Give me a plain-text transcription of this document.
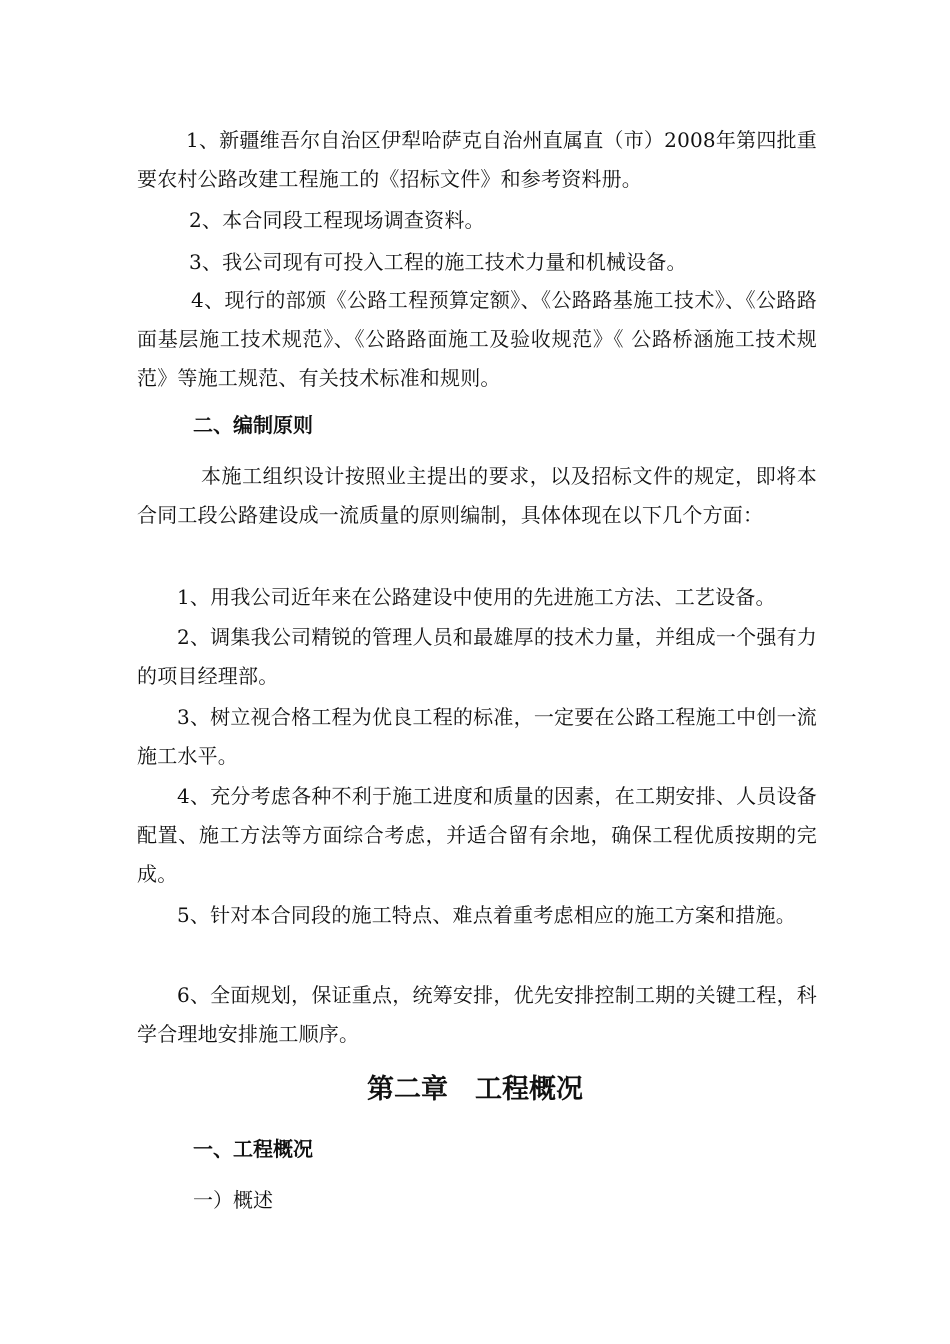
1、新疆维吾尔自治区伊犁哈萨克自治州直属直（市）2008年第四批重要农村公路改建工程施工的《招标文件》和参考资料册。

2、本合同段工程现场调查资料。

3、我公司现有可投入工程的施工技术力量和机械设备。

4、现行的部颁《公路工程预算定额》、《公路路基施工技术》、《公路路面基层施工技术规范》、《公路路面施工及验收规范》《 公路桥涵施工技术规范》等施工规范、有关技术标准和规则。

二、编制原则

本施工组织设计按照业主提出的要求，以及招标文件的规定，即将本合同工段公路建设成一流质量的原则编制，具体体现在以下几个方面：

1、用我公司近年来在公路建设中使用的先进施工方法、工艺设备。

2、调集我公司精锐的管理人员和最雄厚的技术力量，并组成一个强有力的项目经理部。

3、树立视合格工程为优良工程的标准，一定要在公路工程施工中创一流施工水平。

4、充分考虑各种不利于施工进度和质量的因素，在工期安排、人员设备配置、施工方法等方面综合考虑，并适合留有余地，确保工程优质按期的完成。

5、针对本合同段的施工特点、难点着重考虑相应的施工方案和措施。

6、全面规划，保证重点，统筹安排，优先安排控制工期的关键工程，科学合理地安排施工顺序。

第二章　工程概况

一、工程概况

一）概述
